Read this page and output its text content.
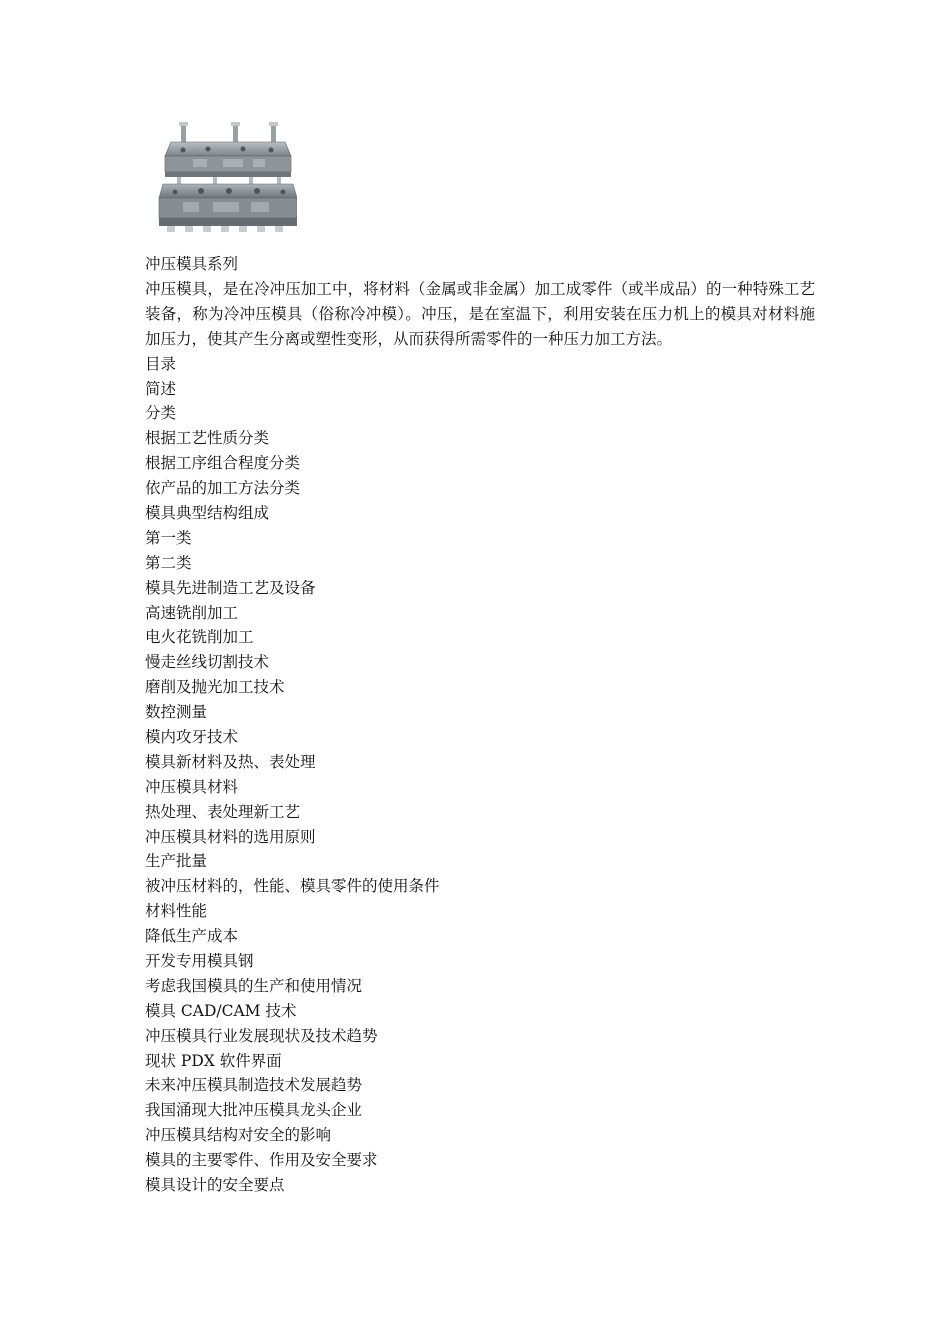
冲压模具系列
冲压模具，是在冷冲压加工中，将材料（金属或非金属）加工成零件（或半成品）的一种特殊工艺装备，称为冷冲压模具（俗称冷冲模）。冲压，是在室温下，利用安装在压力机上的模具对材料施加压力，使其产生分离或塑性变形，从而获得所需零件的一种压力加工方法。
目录
简述
分类
根据工艺性质分类
根据工序组合程度分类
依产品的加工方法分类
模具典型结构组成
第一类
第二类
模具先进制造工艺及设备
高速铣削加工
电火花铣削加工
慢走丝线切割技术
磨削及抛光加工技术
数控测量
模内攻牙技术
模具新材料及热、表处理
冲压模具材料
热处理、表处理新工艺
冲压模具材料的选用原则
生产批量
被冲压材料的，性能、模具零件的使用条件
材料性能
降低生产成本
开发专用模具钢
考虑我国模具的生产和使用情况
模具 CAD/CAM 技术
冲压模具行业发展现状及技术趋势
现状 PDX 软件界面
未来冲压模具制造技术发展趋势
我国涌现大批冲压模具龙头企业
冲压模具结构对安全的影响
模具的主要零件、作用及安全要求
模具设计的安全要点
